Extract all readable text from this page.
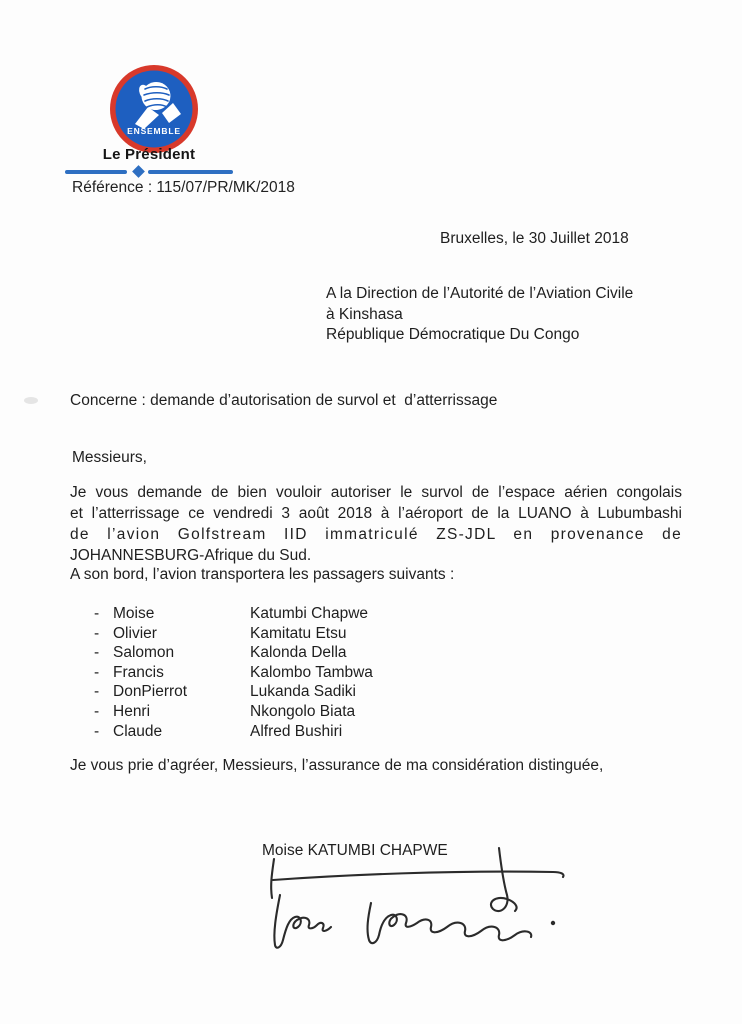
ENSEMBLE
Le Président
Référence : 115/07/PR/MK/2018
Bruxelles, le 30 Juillet 2018
A la Direction de l’Autorité de l’Aviation Civile
à Kinshasa
République Démocratique Du Congo
Concerne : demande d’autorisation de survol et  d’atterrissage
Messieurs,
Je vous demande de bien vouloir autoriser le survol de l’espace aérien congolais
et l’atterrissage ce vendredi 3 août 2018 à l’aéroport de la LUANO à Lubumbashi
de l’avion Golfstream IID immatriculé ZS-JDL en provenance de
JOHANNESBURG-Afrique du Sud.
A son bord, l’avion transportera les passagers suivants :
- Moise	Katumbi Chapwe
- Olivier	Kamitatu Etsu
- Salomon	Kalonda Della
- Francis	Kalombo Tambwa
- DonPierrot	Lukanda Sadiki
- Henri	Nkongolo Biata
- Claude	Alfred Bushiri
Je vous prie d’agréer, Messieurs, l’assurance de ma considération distinguée,
Moise KATUMBI CHAPWE
